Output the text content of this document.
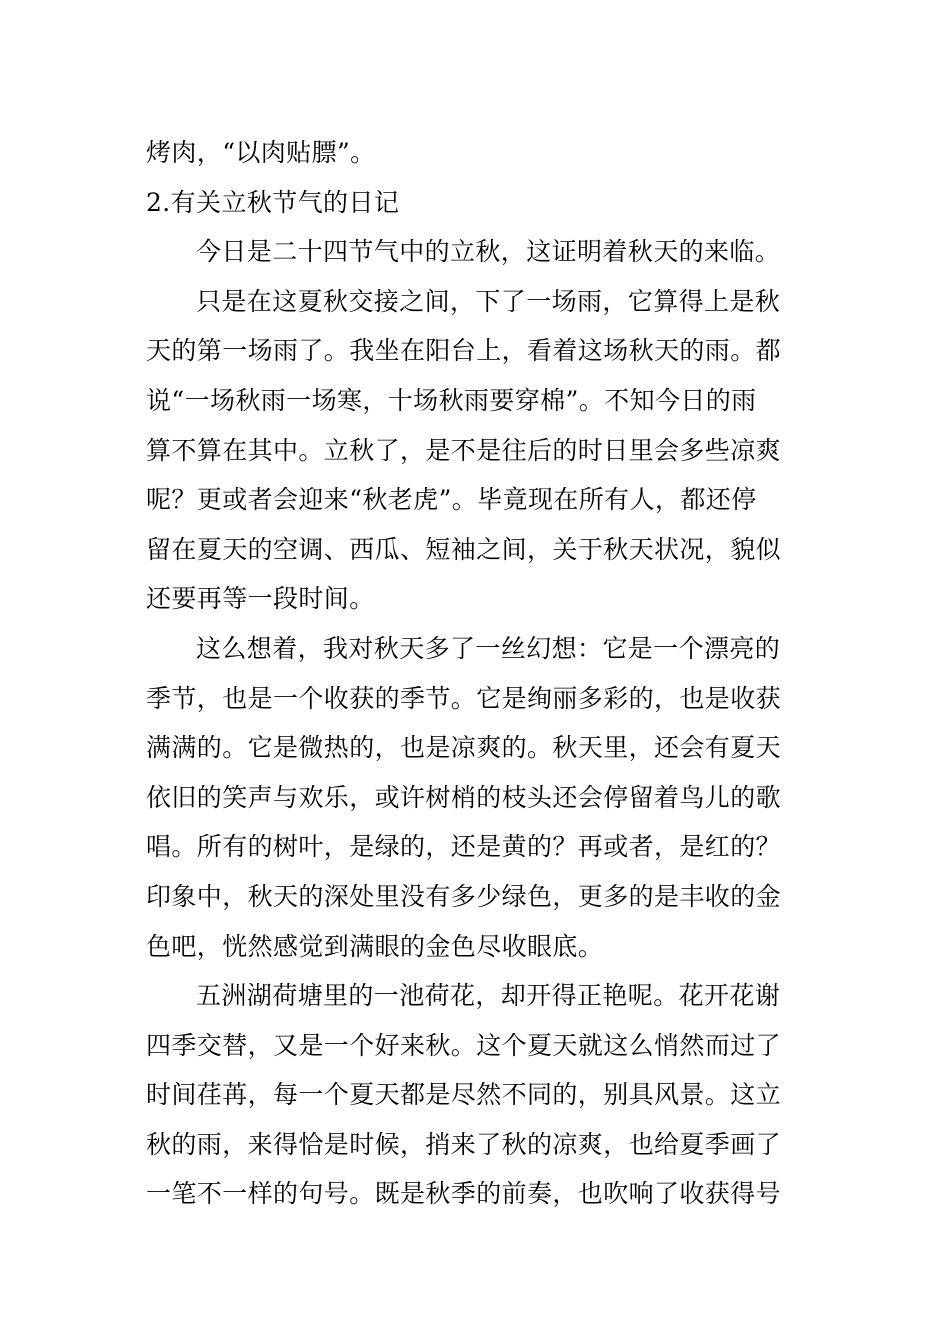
烤肉，“以肉贴膘”。
2.有关立秋节气的日记
今日是二十四节气中的立秋，这证明着秋天的来临。
只是在这夏秋交接之间，下了一场雨，它算得上是秋
天的第一场雨了。我坐在阳台上，看着这场秋天的雨。都
说“一场秋雨一场寒，十场秋雨要穿棉”。不知今日的雨
算不算在其中。立秋了，是不是往后的时日里会多些凉爽
呢？更或者会迎来“秋老虎”。毕竟现在所有人，都还停
留在夏天的空调、西瓜、短袖之间，关于秋天状况，貌似
还要再等一段时间。
这么想着，我对秋天多了一丝幻想：它是一个漂亮的
季节，也是一个收获的季节。它是绚丽多彩的，也是收获
满满的。它是微热的，也是凉爽的。秋天里，还会有夏天
依旧的笑声与欢乐，或许树梢的枝头还会停留着鸟儿的歌
唱。所有的树叶，是绿的，还是黄的？再或者，是红的？
印象中，秋天的深处里没有多少绿色，更多的是丰收的金
色吧，恍然感觉到满眼的金色尽收眼底。
五洲湖荷塘里的一池荷花，却开得正艳呢。花开花谢
四季交替，又是一个好来秋。这个夏天就这么悄然而过了
时间荏苒，每一个夏天都是尽然不同的，别具风景。这立
秋的雨，来得恰是时候，捎来了秋的凉爽，也给夏季画了
一笔不一样的句号。既是秋季的前奏，也吹响了收获得号
